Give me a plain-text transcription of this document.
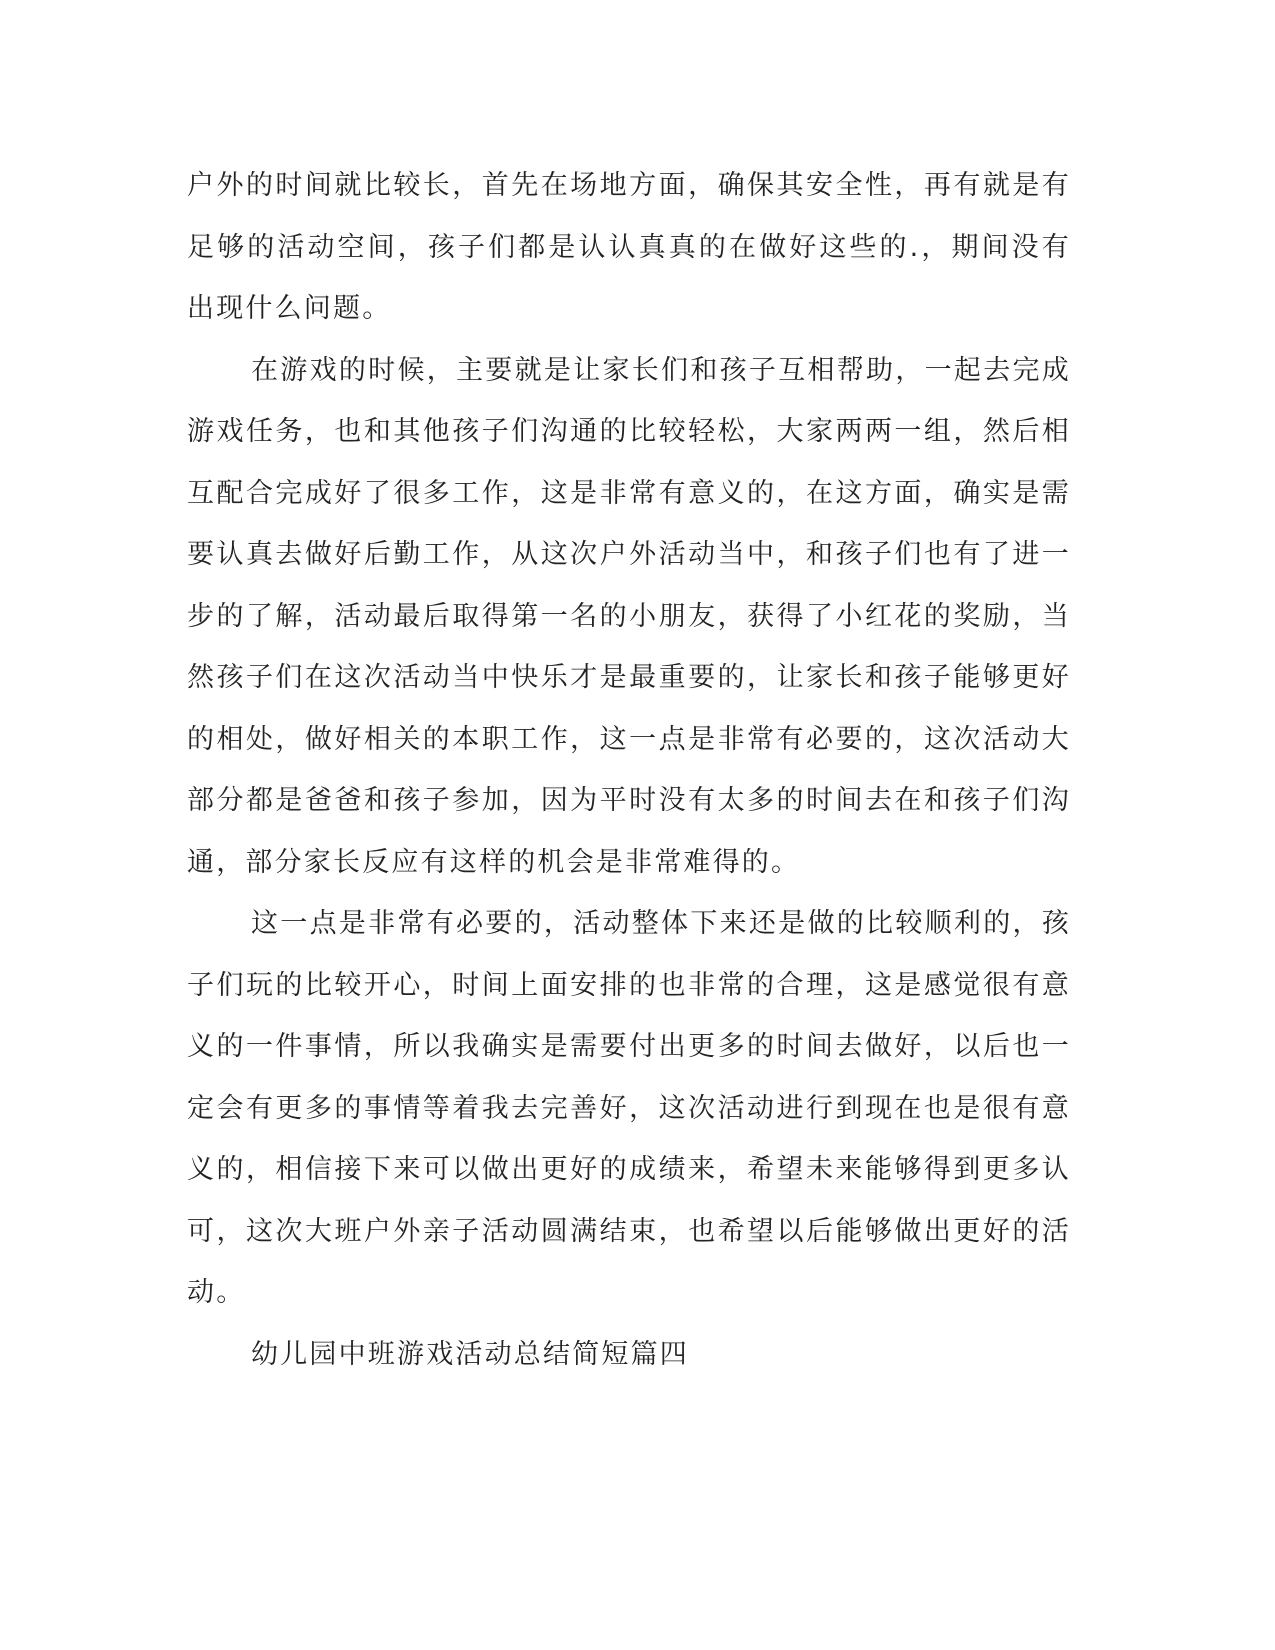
户外的时间就比较长，首先在场地方面，确保其安全性，再有就是有足够的活动空间，孩子们都是认认真真的在做好这些的.，期间没有出现什么问题。

在游戏的时候，主要就是让家长们和孩子互相帮助，一起去完成游戏任务，也和其他孩子们沟通的比较轻松，大家两两一组，然后相互配合完成好了很多工作，这是非常有意义的，在这方面，确实是需要认真去做好后勤工作，从这次户外活动当中，和孩子们也有了进一步的了解，活动最后取得第一名的小朋友，获得了小红花的奖励，当然孩子们在这次活动当中快乐才是最重要的，让家长和孩子能够更好的相处，做好相关的本职工作，这一点是非常有必要的，这次活动大部分都是爸爸和孩子参加，因为平时没有太多的时间去在和孩子们沟通，部分家长反应有这样的机会是非常难得的。

这一点是非常有必要的，活动整体下来还是做的比较顺利的，孩子们玩的比较开心，时间上面安排的也非常的合理，这是感觉很有意义的一件事情，所以我确实是需要付出更多的时间去做好，以后也一定会有更多的事情等着我去完善好，这次活动进行到现在也是很有意义的，相信接下来可以做出更好的成绩来，希望未来能够得到更多认可，这次大班户外亲子活动圆满结束，也希望以后能够做出更好的活动。

幼儿园中班游戏活动总结简短篇四
